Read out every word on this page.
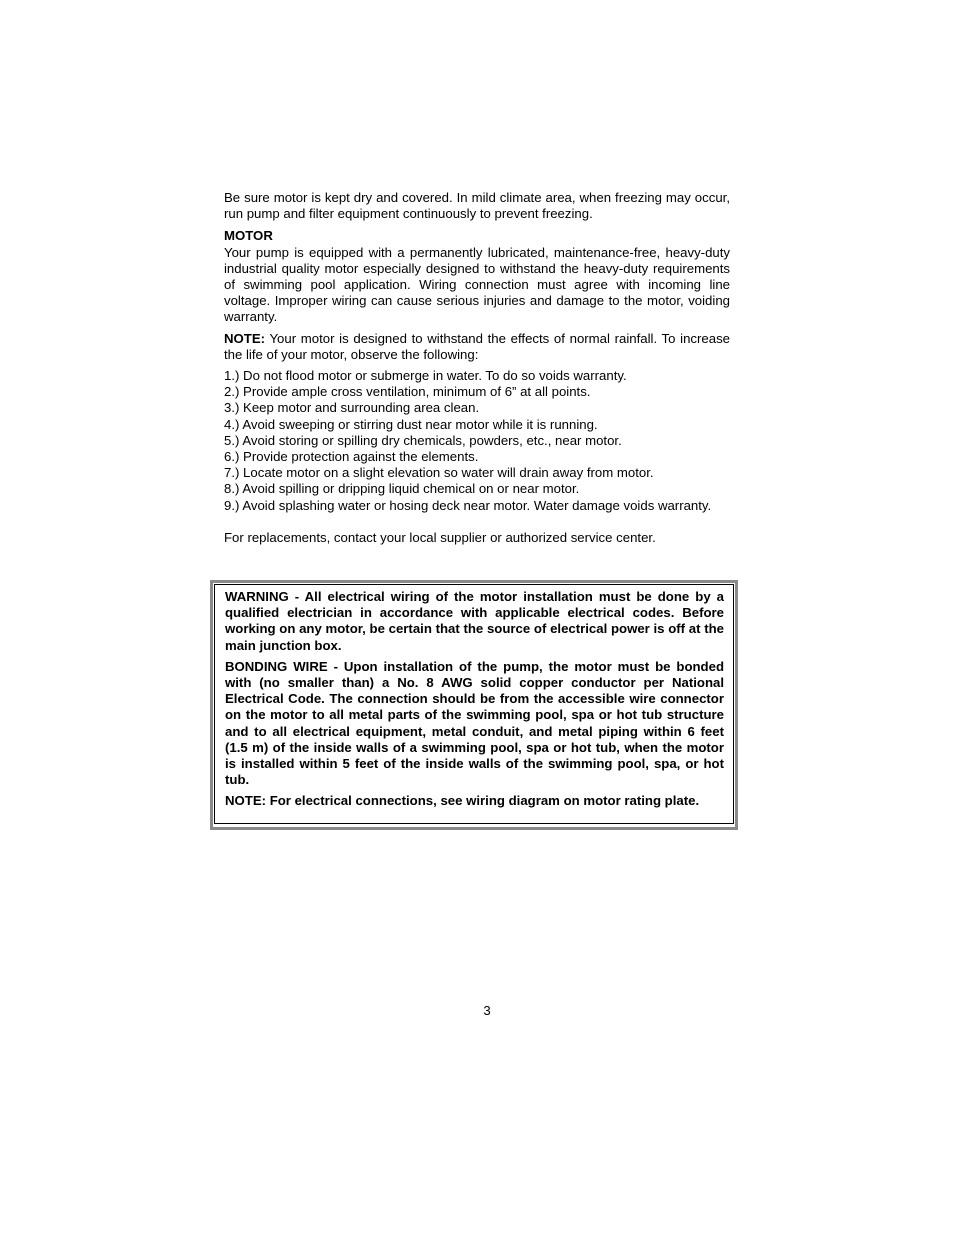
Be sure motor is kept dry and covered. In mild climate area, when freezing may occur, run pump and filter equipment continuously to prevent freezing.

MOTOR

Your pump is equipped with a permanently lubricated, maintenance-free, heavy-duty industrial quality motor especially designed to withstand the heavy-duty requirements of swimming pool application. Wiring connection must agree with incoming line voltage. Improper wiring can cause serious injuries and damage to the motor, voiding warranty.

NOTE: Your motor is designed to withstand the effects of normal rainfall. To increase the life of your motor, observe the following:

1.) Do not flood motor or submerge in water. To do so voids warranty.
2.) Provide ample cross ventilation, minimum of 6” at all points.
3.) Keep motor and surrounding area clean.
4.) Avoid sweeping or stirring dust near motor while it is running.
5.) Avoid storing or spilling dry chemicals, powders, etc., near motor.
6.) Provide protection against the elements.
7.) Locate motor on a slight elevation so water will drain away from motor.
8.) Avoid spilling or dripping liquid chemical on or near motor.
9.) Avoid splashing water or hosing deck near motor. Water damage voids warranty.

For replacements, contact your local supplier or authorized service center.

WARNING - All electrical wiring of the motor installation must be done by a qualified electrician in accordance with applicable electrical codes. Before working on any motor, be certain that the source of electrical power is off at the main junction box.

BONDING WIRE - Upon installation of the pump, the motor must be bonded with (no smaller than) a No. 8 AWG solid copper conductor per National Electrical Code. The connection should be from the accessible wire connector on the motor to all metal parts of the swimming pool, spa or hot tub structure and to all electrical equipment, metal conduit, and metal piping within 6 feet (1.5 m) of the inside walls of a swimming pool, spa or hot tub, when the motor is installed within 5 feet of the inside walls of the swimming pool, spa, or hot tub.

NOTE: For electrical connections, see wiring diagram on motor rating plate.

3
